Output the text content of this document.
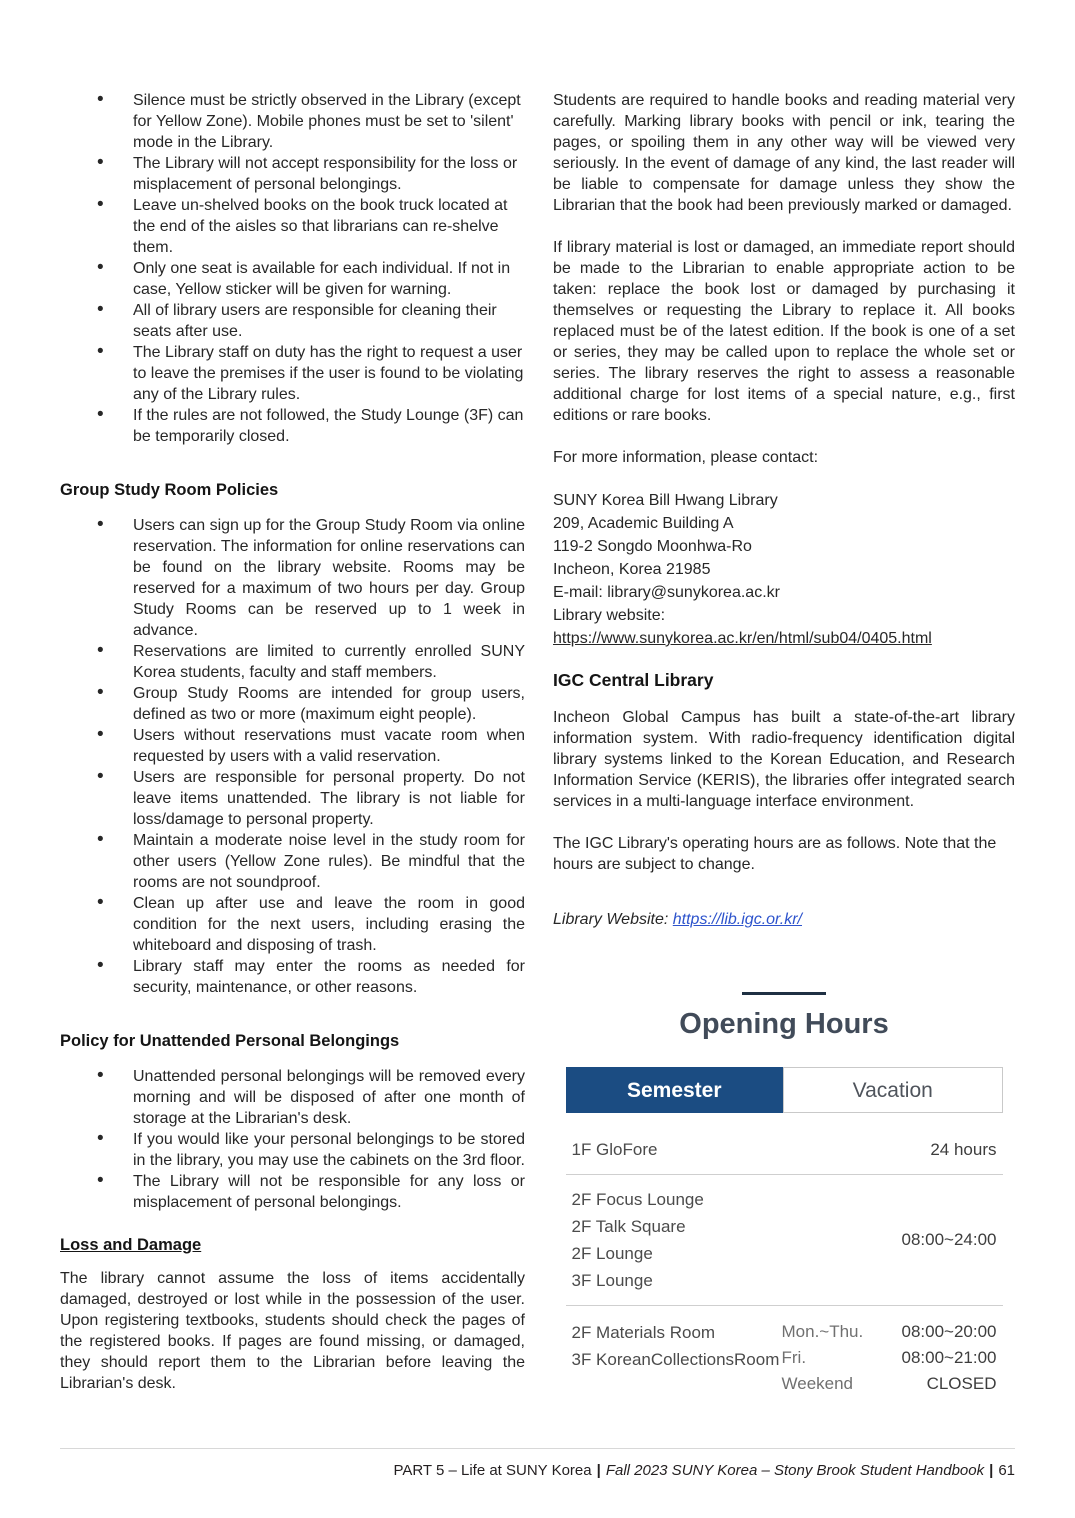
• Silence must be strictly observed in the Library (except for Yellow Zone). Mobile phones must be set to 'silent' mode in the Library.
• The Library will not accept responsibility for the loss or misplacement of personal belongings.
• Leave un-shelved books on the book truck located at the end of the aisles so that librarians can re-shelve them.
• Only one seat is available for each individual. If not in case, Yellow sticker will be given for warning.
• All of library users are responsible for cleaning their seats after use.
• The Library staff on duty has the right to request a user to leave the premises if the user is found to be violating any of the Library rules.
• If the rules are not followed, the Study Lounge (3F) can be temporarily closed.
Group Study Room Policies
• Users can sign up for the Group Study Room via online reservation. The information for online reservations can be found on the library website. Rooms may be reserved for a maximum of two hours per day. Group Study Rooms can be reserved up to 1 week in advance.
• Reservations are limited to currently enrolled SUNY Korea students, faculty and staff members.
• Group Study Rooms are intended for group users, defined as two or more (maximum eight people).
• Users without reservations must vacate room when requested by users with a valid reservation.
• Users are responsible for personal property. Do not leave items unattended. The library is not liable for loss/damage to personal property.
• Maintain a moderate noise level in the study room for other users (Yellow Zone rules). Be mindful that the rooms are not soundproof.
• Clean up after use and leave the room in good condition for the next users, including erasing the whiteboard and disposing of trash.
• Library staff may enter the rooms as needed for security, maintenance, or other reasons.
Policy for Unattended Personal Belongings
• Unattended personal belongings will be removed every morning and will be disposed of after one month of storage at the Librarian's desk.
• If you would like your personal belongings to be stored in the library, you may use the cabinets on the 3rd floor.
• The Library will not be responsible for any loss or misplacement of personal belongings.
Loss and Damage

The library cannot assume the loss of items accidentally damaged, destroyed or lost while in the possession of the user. Upon registering textbooks, students should check the pages of the registered books. If pages are found missing, or damaged, they should report them to the Librarian before leaving the Librarian's desk.

Students are required to handle books and reading material very carefully. Marking library books with pencil or ink, tearing the pages, or spoiling them in any other way will be viewed very seriously. In the event of damage of any kind, the last reader will be liable to compensate for damage unless they show the Librarian that the book had been previously marked or damaged.

If library material is lost or damaged, an immediate report should be made to the Librarian to enable appropriate action to be taken: replace the book lost or damaged by purchasing it themselves or requesting the Library to replace it. All books replaced must be of the latest edition. If the book is one of a set or series, they may be called upon to replace the whole set or series. The library reserves the right to assess a reasonable additional charge for lost items of a special nature, e.g., first editions or rare books.

For more information, please contact:

SUNY Korea Bill Hwang Library
209, Academic Building A
119-2 Songdo Moonhwa-Ro
Incheon, Korea 21985
E-mail: library@sunykorea.ac.kr
Library website:
https://www.sunykorea.ac.kr/en/html/sub04/0405.html
IGC Central Library

Incheon Global Campus has built a state-of-the-art library information system. With radio-frequency identification digital library systems linked to the Korean Education, and Research Information Service (KERIS), the libraries offer integrated search services in a multi-language interface environment.

The IGC Library's operating hours are as follows. Note that the hours are subject to change.

Library Website: https://lib.igc.or.kr/

Opening Hours
Semester	Vacation
1F GloFore	24 hours
2F Focus Lounge
2F Talk Square
2F Lounge
3F Lounge
08:00~24:00
2F Materials Room
3F KoreanCollectionsRoom
Mon.~Thu.
Fri.
Weekend
08:00~20:00
08:00~21:00
CLOSED
PART 5 – Life at SUNY Korea | Fall 2023 SUNY Korea – Stony Brook Student Handbook | 61
